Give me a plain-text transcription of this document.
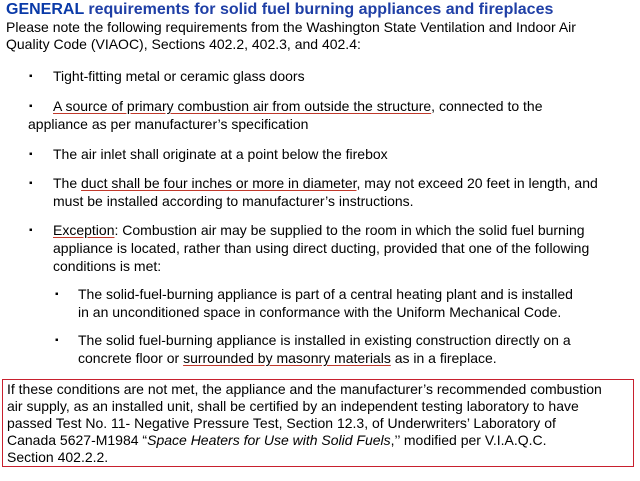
GENERAL requirements for solid fuel burning appliances and fireplaces
Please note the following requirements from the Washington State Ventilation and Indoor Air
Quality Code (VIAOC), Sections 402.2, 402.3, and 402.4:
▪ Tight-fitting metal or ceramic glass doors
▪ A source of primary combustion air from outside the structure, connected to the
appliance as per manufacturer’s specification
▪ The air inlet shall originate at a point below the firebox
▪ The duct shall be four inches or more in diameter, may not exceed 20 feet in length, and
must be installed according to manufacturer’s instructions.
▪ Exception: Combustion air may be supplied to the room in which the solid fuel burning
appliance is located, rather than using direct ducting, provided that one of the following
conditions is met:
▪ The solid-fuel-burning appliance is part of a central heating plant and is installed
in an unconditioned space in conformance with the Uniform Mechanical Code.
▪ The solid fuel-burning appliance is installed in existing construction directly on a
concrete floor or surrounded by masonry materials as in a fireplace.
If these conditions are not met, the appliance and the manufacturer’s recommended combustion
air supply, as an installed unit, shall be certified by an independent testing laboratory to have
passed Test No. 11- Negative Pressure Test, Section 12.3, of Underwriters’ Laboratory of
Canada 5627-M1984 “Space Heaters for Use with Solid Fuels,’’ modified per V.I.A.Q.C.
Section 402.2.2.
